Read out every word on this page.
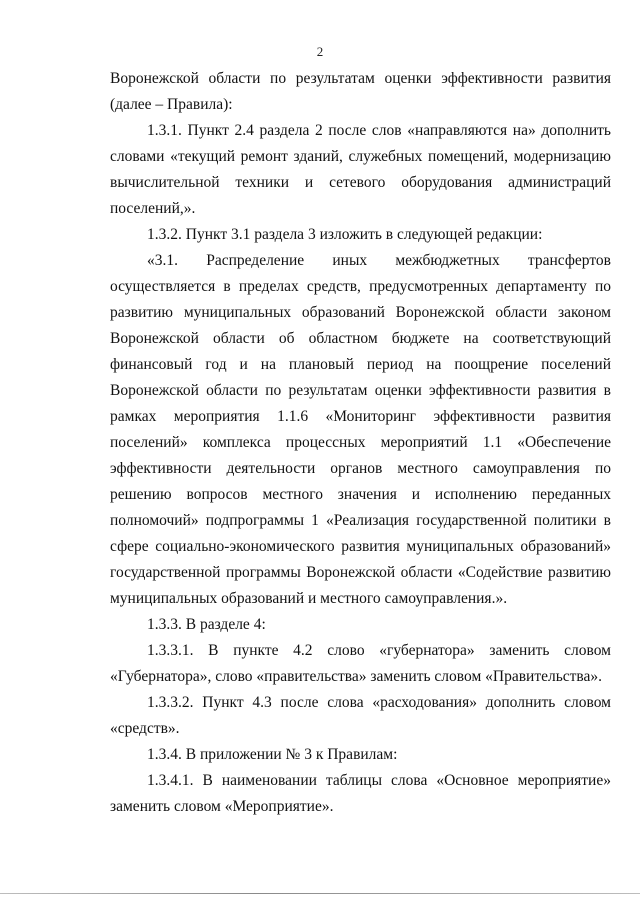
2

Воронежской области по результатам оценки эффективности развития (далее – Правила):

1.3.1. Пункт 2.4 раздела 2 после слов «направляются на» дополнить словами «текущий ремонт зданий, служебных помещений, модернизацию вычислительной техники и сетевого оборудования администраций поселений,».

1.3.2. Пункт 3.1 раздела 3 изложить в следующей редакции:

«3.1. Распределение иных межбюджетных трансфертов осуществляется в пределах средств, предусмотренных департаменту по развитию муниципальных образований Воронежской области законом Воронежской области об областном бюджете на соответствующий финансовый год и на плановый период на поощрение поселений Воронежской области по результатам оценки эффективности развития в рамках мероприятия 1.1.6 «Мониторинг эффективности развития поселений» комплекса процессных мероприятий 1.1 «Обеспечение эффективности деятельности органов местного самоуправления по решению вопросов местного значения и исполнению переданных полномочий» подпрограммы 1 «Реализация государственной политики в сфере социально-экономического развития муниципальных образований» государственной программы Воронежской области «Содействие развитию муниципальных образований и местного самоуправления.».

1.3.3. В разделе 4:

1.3.3.1. В пункте 4.2 слово «губернатора» заменить словом «Губернатора», слово «правительства» заменить словом «Правительства».

1.3.3.2. Пункт 4.3 после слова «расходования» дополнить словом «средств».

1.3.4. В приложении № 3 к Правилам:

1.3.4.1. В наименовании таблицы слова «Основное мероприятие» заменить словом «Мероприятие».
